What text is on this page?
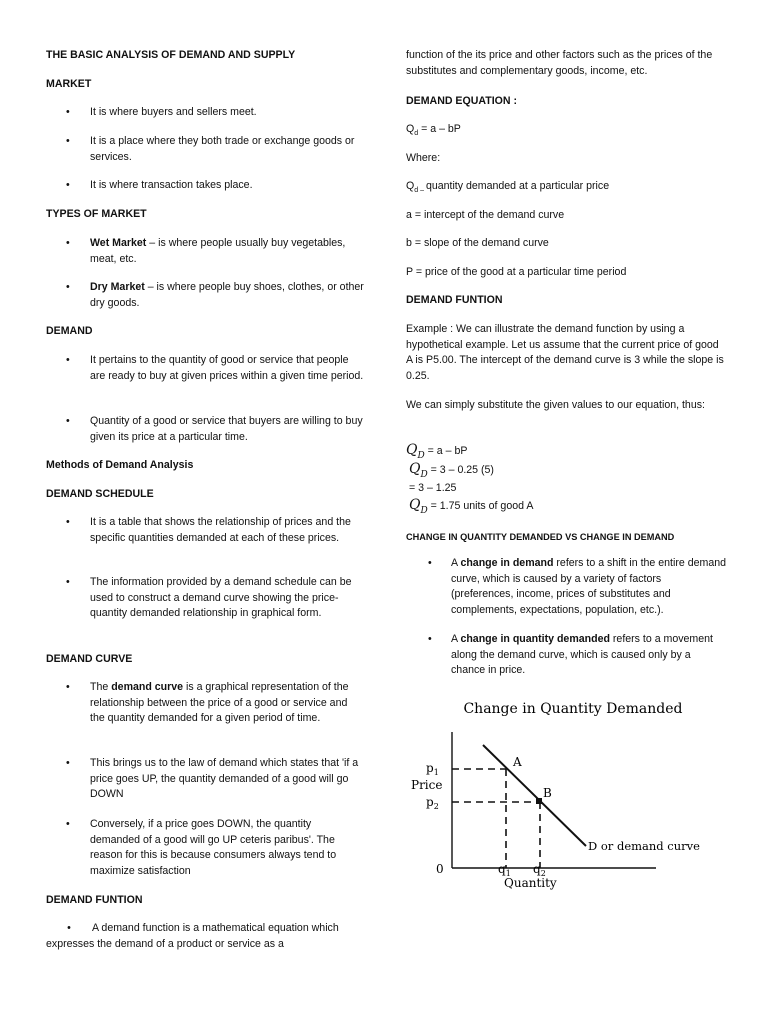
THE BASIC ANALYSIS OF DEMAND AND SUPPLY
MARKET
• It is where buyers and sellers meet.
• It is a place where they both trade or exchange goods or services.
• It is where transaction takes place.
TYPES OF MARKET
• Wet Market – is where people usually buy vegetables, meat, etc.
• Dry Market – is where people buy shoes, clothes, or other dry goods.
DEMAND
• It pertains to the quantity of good or service that people are ready to buy at given prices within a given time period.
• Quantity of a good or service that buyers are willing to buy given its price at a particular time.
Methods of Demand Analysis
DEMAND SCHEDULE
• It is a table that shows the relationship of prices and the specific quantities demanded at each of these prices.
• The information provided by a demand schedule can be used to construct a demand curve showing the price-quantity demanded relationship in graphical form.
DEMAND CURVE
• The demand curve is a graphical representation of the relationship between the price of a good or service and the quantity demanded for a given period of time.
• This brings us to the law of demand which states that 'if a price goes UP, the quantity demanded of a good will go DOWN
• Conversely, if a price goes DOWN, the quantity demanded of a good will go UP ceteris paribus'. The reason for this is because consumers always tend to maximize satisfaction
DEMAND FUNTION
• A demand function is a mathematical equation which expresses the demand of a product or service as a
function of the its price and other factors such as the prices of the substitutes and complementary goods, income, etc.
DEMAND EQUATION :
$Q_d = a$ – bP
Where:
$Q_{d -}$ quantity demanded at a particular price
a = intercept of the demand curve
b = slope of the demand curve
P = price of the good at a particular time period
DEMAND FUNTION
Example : We can illustrate the demand function by using a hypothetical example. Let us assume that the current price of good A is P5.00. The intercept of the demand curve is 3 while the slope is 0.25.
We can simply substitute the given values to our equation, thus:
$Q_D = a$ – bP
$Q_D = 3 - 0.25$ (5)
= 3 – 1.25
$Q_D = 1.75$ units of good A
CHANGE IN QUANTITY DEMANDED VS CHANGE IN DEMAND
• A change in demand refers to a shift in the entire demand curve, which is caused by a variety of factors (preferences, income, prices of substitutes and complements, expectations, population, etc.).
• A change in quantity demanded refers to a movement along the demand curve, which is caused only by a chance in price.
Change in Quantity Demanded
A
B
$p_1$
$p_2$
Price
0	$q_1$ $q_2$
Quantity
D or demand curve
